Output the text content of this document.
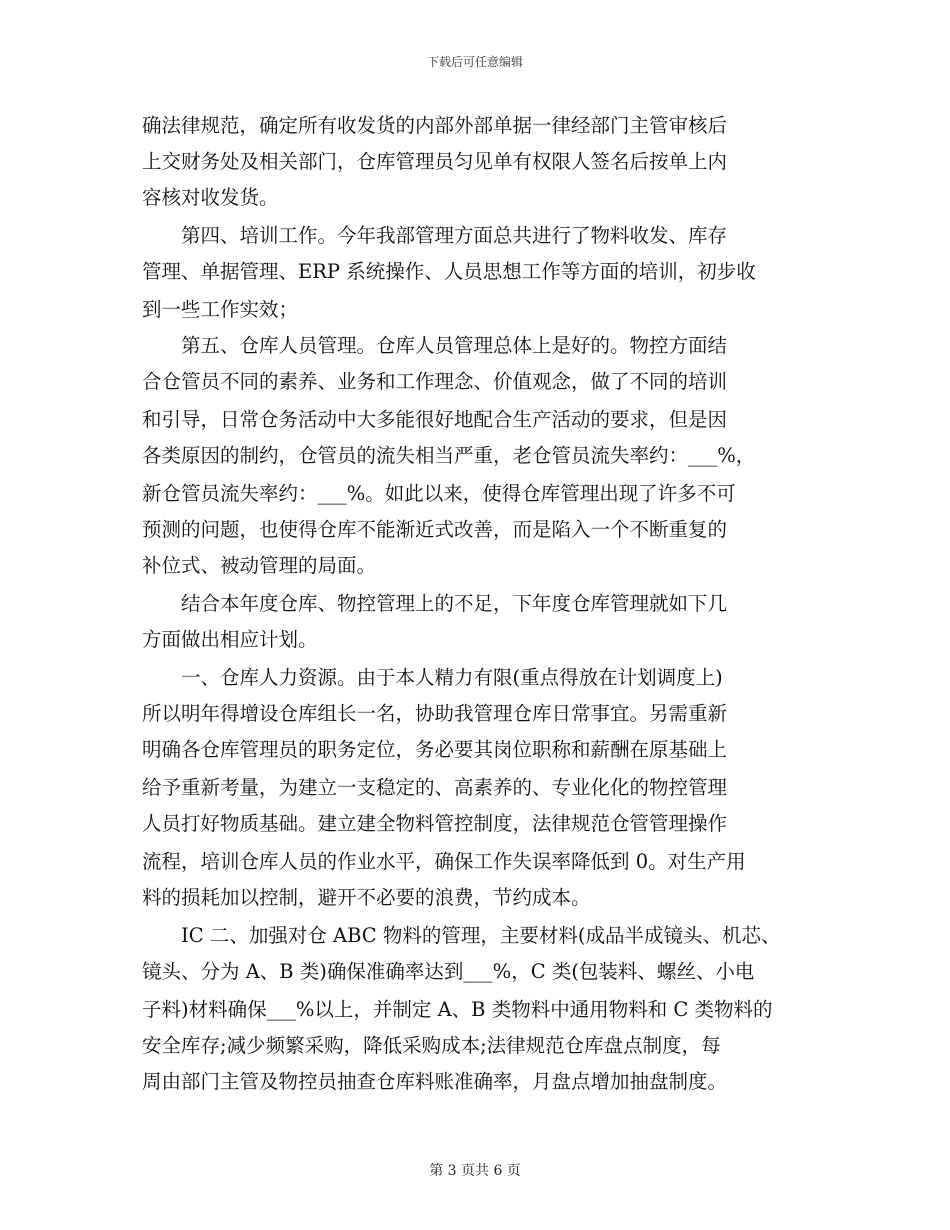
下载后可任意编辑
确法律规范，确定所有收发货的内部外部单据一律经部门主管审核后
上交财务处及相关部门，仓库管理员匀见单有权限人签名后按单上内
容核对收发货。
　　第四、培训工作。今年我部管理方面总共进行了物料收发、库存
管理、单据管理、ERP 系统操作、人员思想工作等方面的培训，初步收
到一些工作实效；
　　第五、仓库人员管理。仓库人员管理总体上是好的。物控方面结
合仓管员不同的素养、业务和工作理念、价值观念，做了不同的培训
和引导，日常仓务活动中大多能很好地配合生产活动的要求，但是因
各类原因的制约，仓管员的流失相当严重，老仓管员流失率约：___%，
新仓管员流失率约：___%。如此以来，使得仓库管理出现了许多不可
预测的问题，也使得仓库不能渐近式改善，而是陷入一个不断重复的
补位式、被动管理的局面。
　　结合本年度仓库、物控管理上的不足，下年度仓库管理就如下几
方面做出相应计划。
　　一、仓库人力资源。由于本人精力有限(重点得放在计划调度上)
所以明年得增设仓库组长一名，协助我管理仓库日常事宜。另需重新
明确各仓库管理员的职务定位，务必要其岗位职称和薪酬在原基础上
给予重新考量，为建立一支稳定的、高素养的、专业化化的物控管理
人员打好物质基础。建立建全物料管控制度，法律规范仓管管理操作
流程，培训仓库人员的作业水平，确保工作失误率降低到 0。对生产用
料的损耗加以控制，避开不必要的浪费，节约成本。
　　IC 二、加强对仓 ABC 物料的管理，主要材料(成品半成镜头、机芯、
镜头、分为 A、B 类)确保准确率达到___%，C 类(包装料、螺丝、小电
子料)材料确保___%以上，并制定 A、B 类物料中通用物料和 C 类物料的
安全库存;减少频繁采购，降低采购成本;法律规范仓库盘点制度，每
周由部门主管及物控员抽查仓库料账准确率，月盘点增加抽盘制度。
第 3 页共 6 页
